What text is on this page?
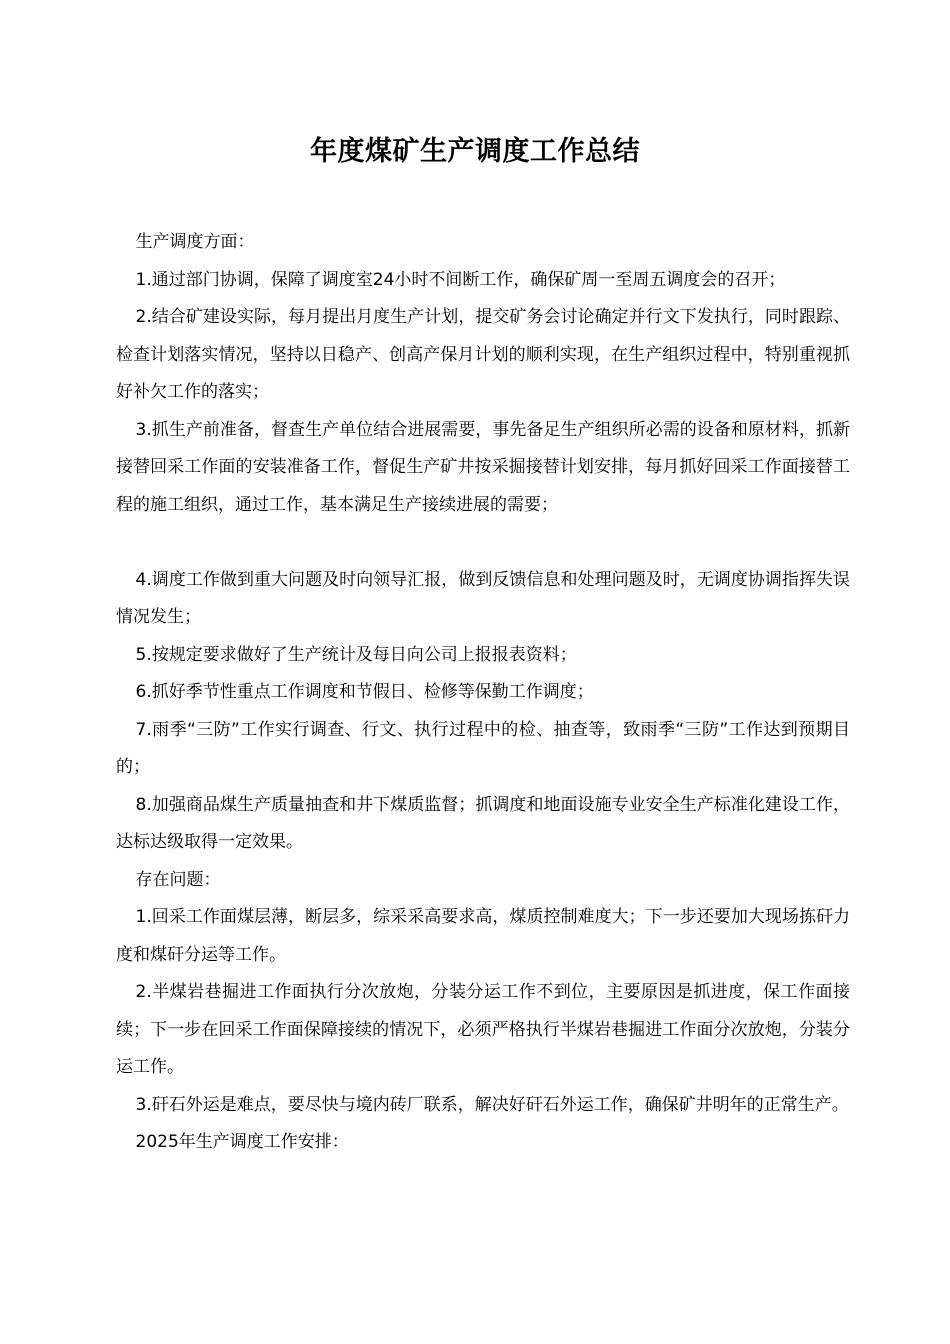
年度煤矿生产调度工作总结

生产调度方面：

1.通过部门协调，保障了调度室24小时不间断工作，确保矿周一至周五调度会的召开；

2.结合矿建设实际，每月提出月度生产计划，提交矿务会讨论确定并行文下发执行，同时跟踪、检查计划落实情况，坚持以日稳产、创高产保月计划的顺利实现，在生产组织过程中，特别重视抓好补欠工作的落实；

3.抓生产前准备，督查生产单位结合进展需要，事先备足生产组织所必需的设备和原材料，抓新接替回采工作面的安装准备工作，督促生产矿井按采掘接替计划安排，每月抓好回采工作面接替工程的施工组织，通过工作，基本满足生产接续进展的需要；

4.调度工作做到重大问题及时向领导汇报，做到反馈信息和处理问题及时，无调度协调指挥失误情况发生；

5.按规定要求做好了生产统计及每日向公司上报报表资料；

6.抓好季节性重点工作调度和节假日、检修等保勤工作调度；

7.雨季“三防”工作实行调查、行文、执行过程中的检、抽查等，致雨季“三防”工作达到预期目的；

8.加强商品煤生产质量抽查和井下煤质监督；抓调度和地面设施专业安全生产标准化建设工作，达标达级取得一定效果。

存在问题：

1.回采工作面煤层薄，断层多，综采采高要求高，煤质控制难度大；下一步还要加大现场拣矸力度和煤矸分运等工作。

2.半煤岩巷掘进工作面执行分次放炮，分装分运工作不到位，主要原因是抓进度，保工作面接续；下一步在回采工作面保障接续的情况下，必须严格执行半煤岩巷掘进工作面分次放炮，分装分运工作。

3.矸石外运是难点，要尽快与境内砖厂联系，解决好矸石外运工作，确保矿井明年的正常生产。

2025年生产调度工作安排：
